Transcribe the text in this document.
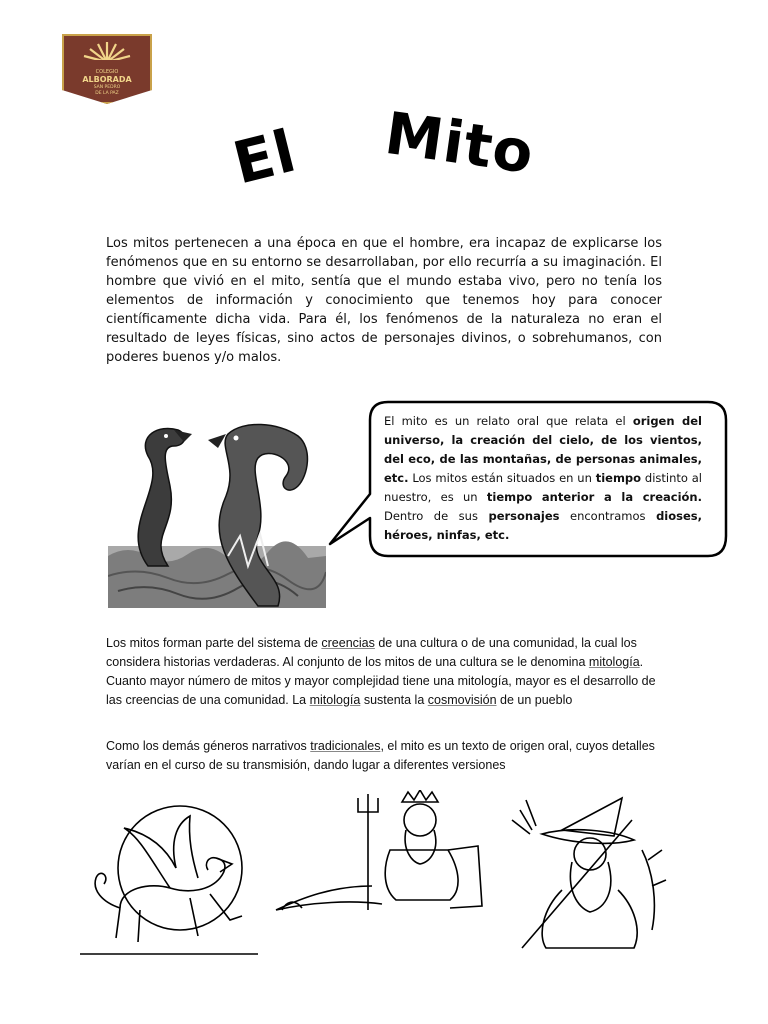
COLEGIO
ALBORADA
SAN PEDRO
DE LA PAZ
El Mito

Los mitos pertenecen a una época en que el hombre, era incapaz de explicarse los fenómenos que en su entorno se desarrollaban, por ello recurría a su imaginación. El hombre que vivió en el mito, sentía que el mundo estaba vivo, pero no tenía los elementos de información y conocimiento que tenemos hoy para conocer científicamente dicha vida. Para él, los fenómenos de la naturaleza no eran el resultado de leyes físicas, sino actos de personajes divinos, o sobrehumanos, con poderes buenos y/o malos.

El mito es un relato oral que relata el origen del universo, la creación del cielo, de los vientos, del eco, de las montañas, de personas animales, etc. Los mitos están situados en un tiempo distinto al nuestro, es un tiempo anterior a la creación. Dentro de sus personajes encontramos dioses, héroes, ninfas, etc.

Los mitos forman parte del sistema de creencias de una cultura o de una comunidad, la cual los considera historias verdaderas. Al conjunto de los mitos de una cultura se le denomina mitología. Cuanto mayor número de mitos y mayor complejidad tiene una mitología, mayor es el desarrollo de las creencias de una comunidad. La mitología sustenta la cosmovisión de un pueblo

Como los demás géneros narrativos tradicionales, el mito es un texto de origen oral, cuyos detalles varían en el curso de su transmisión, dando lugar a diferentes versiones
